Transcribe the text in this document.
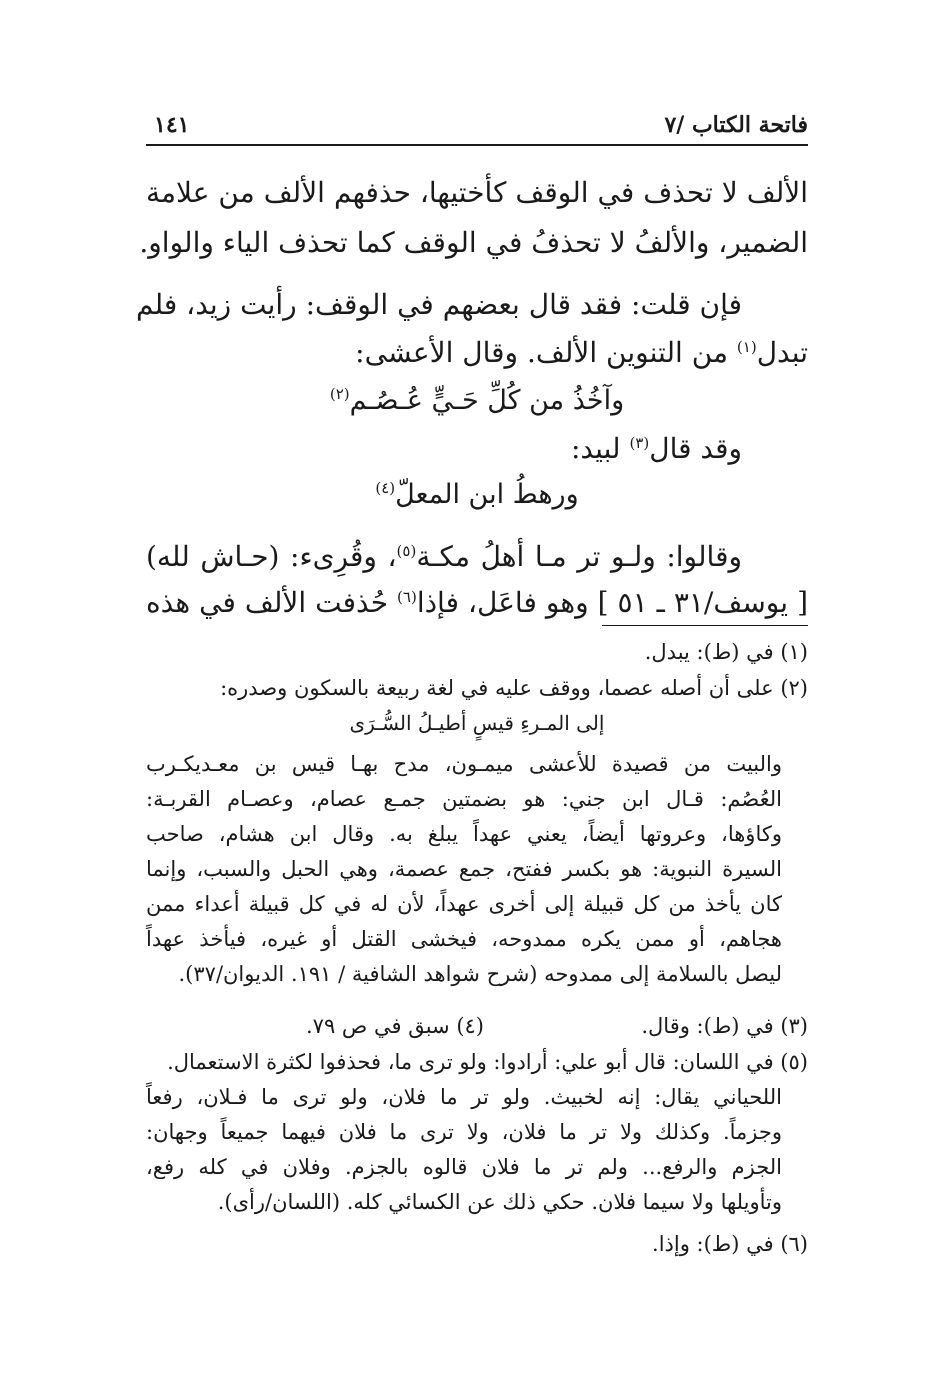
فاتحة الكتاب /٧
١٤١
الألف لا تحذف في الوقف كأختيها، حذفهم الألف من علامة
الضمير، والألفُ لا تحذفُ في الوقف كما تحذف الياء والواو.
فإن قلت: فقد قال بعضهم في الوقف: رأيت زيد، فلم
تبدل$^{(١)}$ من التنوين الألف. وقال الأعشى:
وآخُذُ من كُلِّ حَـيٍّ عُـصُـم$^{(٢)}$
وقد قال$^{(٣)}$ لبيد:
ورهطُ ابن المعلّ$^{(٤)}$
وقالوا: ولـو تر مـا أهلُ مكـة$^{(٥)}$، وقُرِىء: (حـاش لله)
[ يوسف/٣١ ـ ٥١ ] وهو فاعَل، فإذا$^{(٦)}$ حُذفت الألف في هذه
(١) في (ط): يبدل.
(٢) على أن أصله عصما، ووقف عليه في لغة ربيعة بالسكون وصدره:
إلى المـرءِ قيسٍ أطيـلُ السُّـرَى
والبيت من قصيدة للأعشى ميمـون، مدح بهـا قيس بن معـديكـرب
العُصُم: قـال ابن جني: هو بضمتين جمـع عصام، وعصـام القربـة:
وكاؤها، وعروتها أيضاً، يعني عهداً يبلغ به. وقال ابن هشام، صاحب
السيرة النبوية: هو بكسر ففتح، جمع عصمة، وهي الحبل والسبب، وإنما
كان يأخذ من كل قبيلة إلى أخرى عهداً، لأن له في كل قبيلة أعداء ممن
هجاهم، أو ممن يكره ممدوحه، فيخشى القتل أو غيره، فيأخذ عهداً
ليصل بالسلامة إلى ممدوحه (شرح شواهد الشافية / ١٩١. الديوان/٣٧).
(٣) في (ط): وقال.
(٤) سبق في ص ٧٩.
(٥) في اللسان: قال أبو علي: أرادوا: ولو ترى ما، فحذفوا لكثرة الاستعمال.
اللحياني يقال: إنه لخبيث. ولو تر ما فلان، ولو ترى ما فـلان، رفعاً
وجزماً. وكذلك ولا تر ما فلان، ولا ترى ما فلان فيهما جميعاً وجهان:
الجزم والرفع... ولم تر ما فلان قالوه بالجزم. وفلان في كله رفع،
وتأويلها ولا سيما فلان. حكي ذلك عن الكسائي كله. (اللسان/رأى).
(٦) في (ط): وإذا.
